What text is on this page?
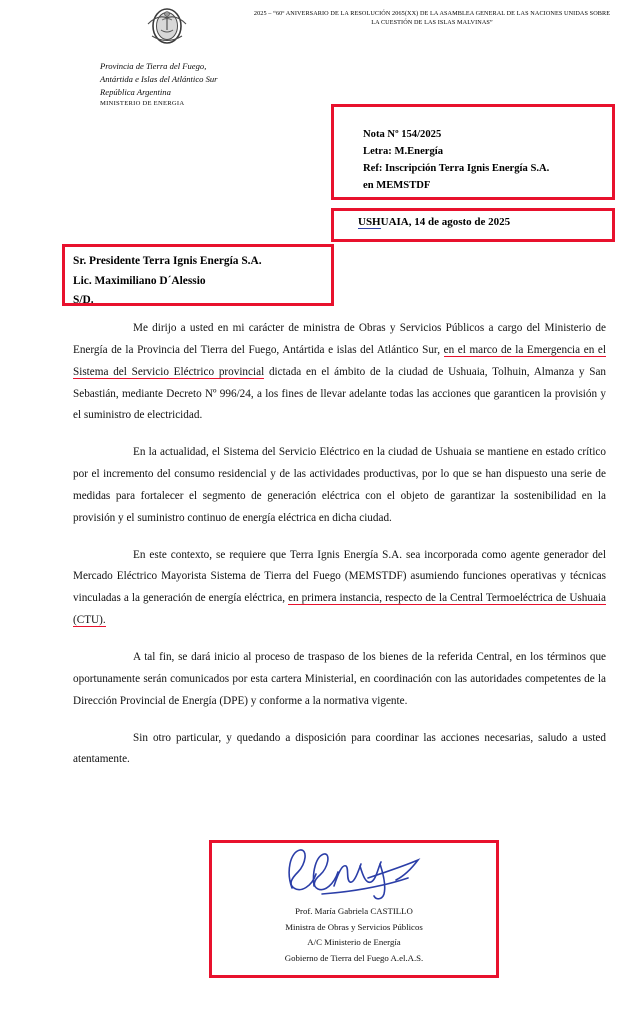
2025 – “60º ANIVERSARIO DE LA RESOLUCIÓN 2065(XX) DE LA ASAMBLEA GENERAL DE LAS NACIONES UNIDAS SOBRE LA CUESTIÓN DE LAS ISLAS MALVINAS”
Provincia de Tierra del Fuego,
Antártida e Islas del Atlántico Sur
República Argentina
MINISTERIO DE ENERGIA
Nota Nº 154/2025
Letra: M.Energía
Ref: Inscripción Terra Ignis Energía S.A.
en MEMSTDF
USHUAIA, 14 de agosto de 2025
Sr. Presidente Terra Ignis Energía S.A.
Lic. Maximiliano D´Alessio
S/D.

Me dirijo a usted en mi carácter de ministra de Obras y Servicios Públicos a cargo del Ministerio de Energía de la Provincia del Tierra del Fuego, Antártida e islas del Atlántico Sur, en el marco de la Emergencia en el Sistema del Servicio Eléctrico provincial dictada en el ámbito de la ciudad de Ushuaia, Tolhuin, Almanza y San Sebastián, mediante Decreto Nº 996/24, a los fines de llevar adelante todas las acciones que garanticen la provisión y el suministro de electricidad.

En la actualidad, el Sistema del Servicio Eléctrico en la ciudad de Ushuaia se mantiene en estado crítico por el incremento del consumo residencial y de las actividades productivas, por lo que se han dispuesto una serie de medidas para fortalecer el segmento de generación eléctrica con el objeto de garantizar la sostenibilidad en la provisión y el suministro continuo de energía eléctrica en dicha ciudad.

En este contexto, se requiere que Terra Ignis Energía S.A. sea incorporada como agente generador del Mercado Eléctrico Mayorista Sistema de Tierra del Fuego (MEMSTDF) asumiendo funciones operativas y técnicas vinculadas a la generación de energía eléctrica, en primera instancia, respecto de la Central Termoeléctrica de Ushuaia (CTU).

A tal fin, se dará inicio al proceso de traspaso de los bienes de la referida Central, en los términos que oportunamente serán comunicados por esta cartera Ministerial, en coordinación con las autoridades competentes de la Dirección Provincial de Energía (DPE) y conforme a la normativa vigente.

Sin otro particular, y quedando a disposición para coordinar las acciones necesarias, saludo a usted atentamente.

Prof. María Gabriela CASTILLO
Ministra de Obras y Servicios Públicos
A/C Ministerio de Energía
Gobierno de Tierra del Fuego A.el.A.S.
